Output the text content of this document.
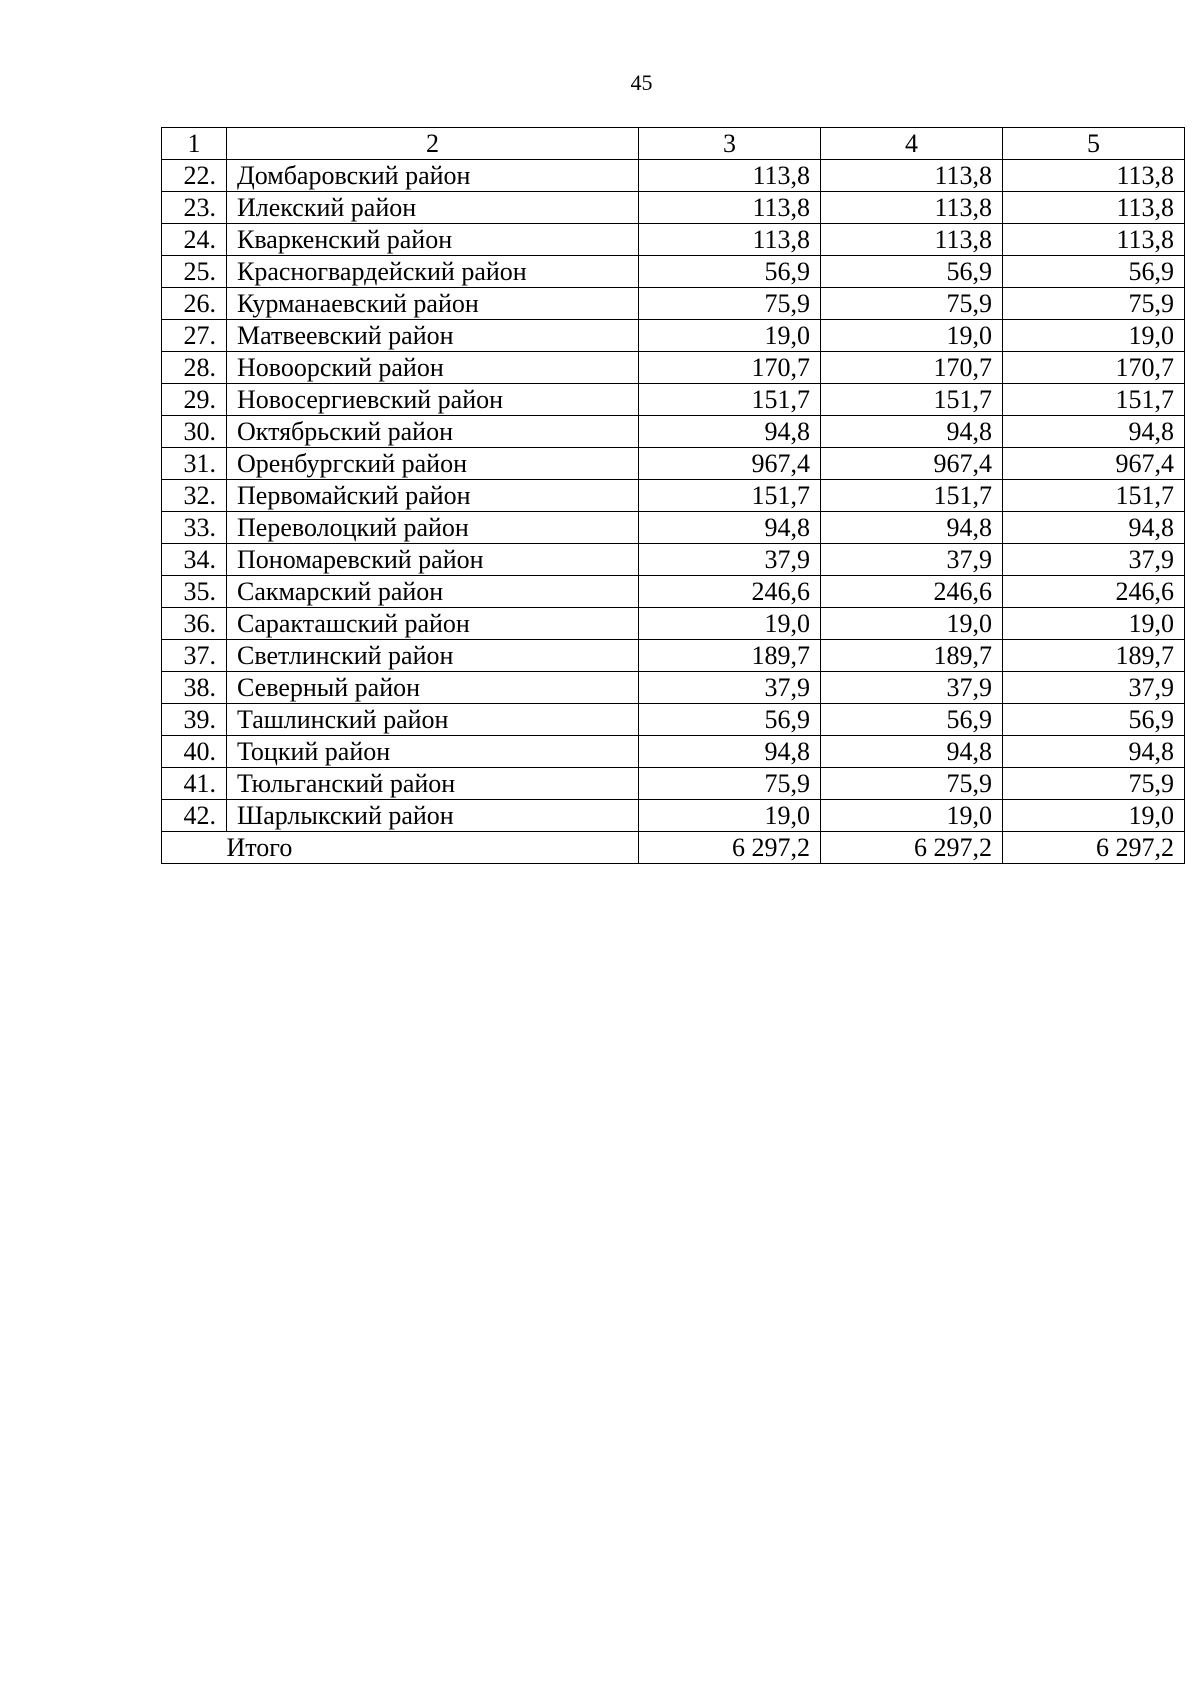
45
1	2	3	4	5
22.	Домбаровский район	113,8	113,8	113,8
23.	Илекский район	113,8	113,8	113,8
24.	Кваркенский район	113,8	113,8	113,8
25.	Красногвардейский район	56,9	56,9	56,9
26.	Курманаевский район	75,9	75,9	75,9
27.	Матвеевский район	19,0	19,0	19,0
28.	Новоорский район	170,7	170,7	170,7
29.	Новосергиевский район	151,7	151,7	151,7
30.	Октябрьский район	94,8	94,8	94,8
31.	Оренбургский район	967,4	967,4	967,4
32.	Первомайский район	151,7	151,7	151,7
33.	Переволоцкий район	94,8	94,8	94,8
34.	Пономаревский район	37,9	37,9	37,9
35.	Сакмарский район	246,6	246,6	246,6
36.	Саракташский район	19,0	19,0	19,0
37.	Светлинский район	189,7	189,7	189,7
38.	Северный район	37,9	37,9	37,9
39.	Ташлинский район	56,9	56,9	56,9
40.	Тоцкий район	94,8	94,8	94,8
41.	Тюльганский район	75,9	75,9	75,9
42.	Шарлыкский район	19,0	19,0	19,0
	Итого	6 297,2	6 297,2	6 297,2
